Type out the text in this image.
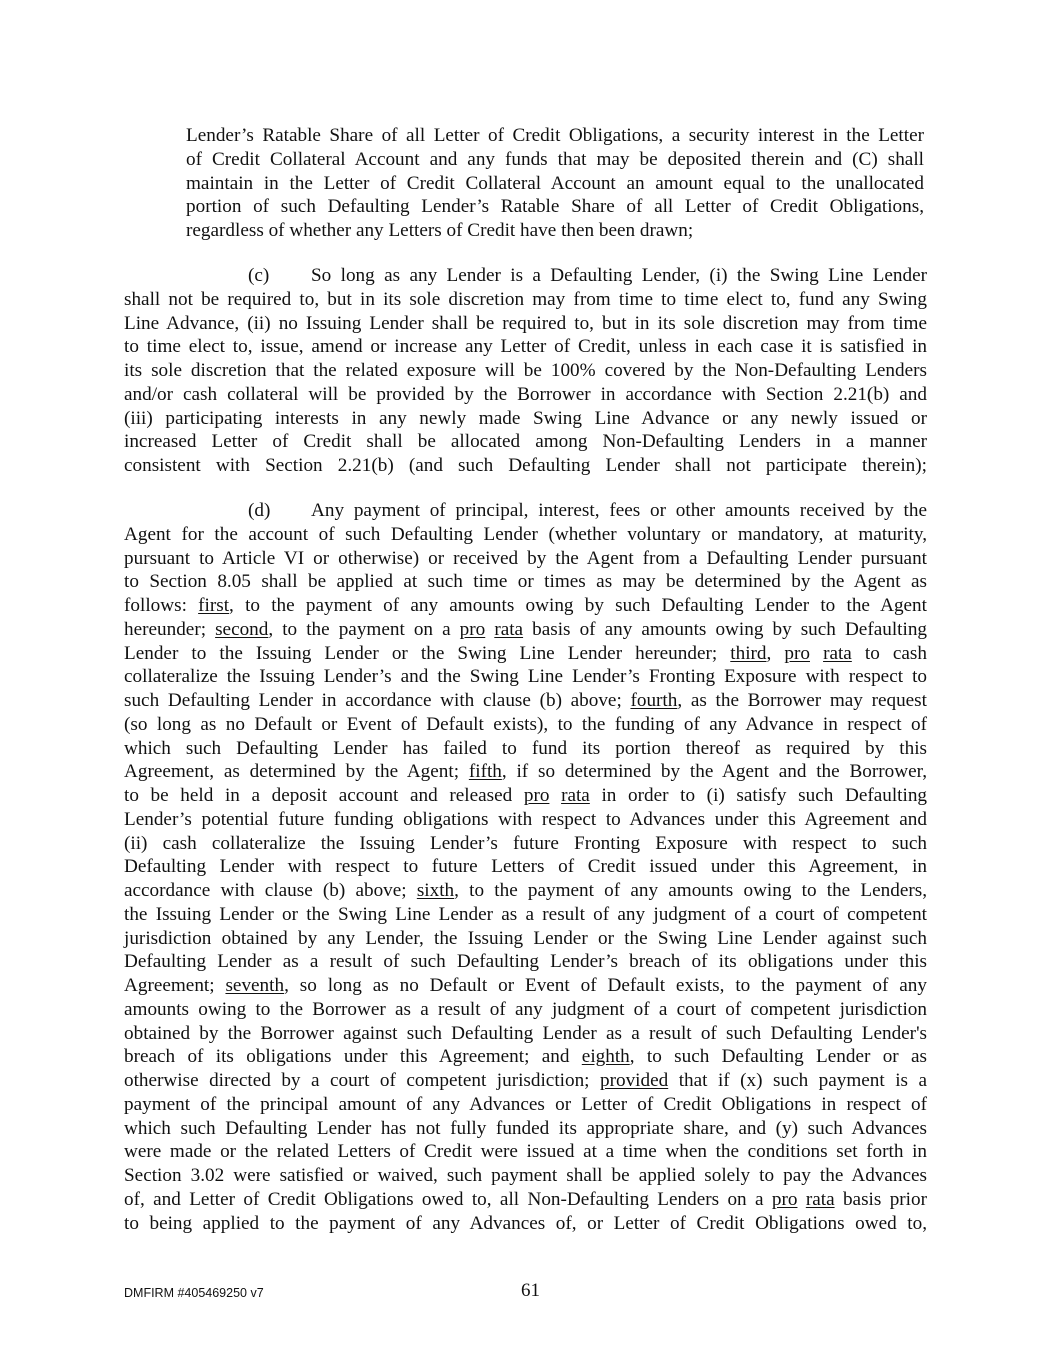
Lender’s Ratable Share of all Letter of Credit Obligations, a security interest in the Letter
of Credit Collateral Account and any funds that may be deposited therein and (C) shall
maintain in the Letter of Credit Collateral Account an amount equal to the unallocated
portion of such Defaulting Lender’s Ratable Share of all Letter of Credit Obligations,
regardless of whether any Letters of Credit have then been drawn;
(c)	So long as any Lender is a Defaulting Lender, (i) the Swing Line Lender
shall not be required to, but in its sole discretion may from time to time elect to, fund any Swing
Line Advance, (ii) no Issuing Lender shall be required to, but in its sole discretion may from time
to time elect to, issue, amend or increase any Letter of Credit, unless in each case it is satisfied in
its sole discretion that the related exposure will be 100% covered by the Non-Defaulting Lenders
and/or cash collateral will be provided by the Borrower in accordance with Section 2.21(b) and
(iii) participating interests in any newly made Swing Line Advance or any newly issued or
increased Letter of Credit shall be allocated among Non-Defaulting Lenders in a manner
consistent with Section 2.21(b) (and such Defaulting Lender shall not participate therein);
(d)	Any payment of principal, interest, fees or other amounts received by the
Agent for the account of such Defaulting Lender (whether voluntary or mandatory, at maturity,
pursuant to Article VI or otherwise) or received by the Agent from a Defaulting Lender pursuant
to Section 8.05 shall be applied at such time or times as may be determined by the Agent as
follows: first, to the payment of any amounts owing by such Defaulting Lender to the Agent
hereunder; second, to the payment on a pro rata basis of any amounts owing by such Defaulting
Lender to the Issuing Lender or the Swing Line Lender hereunder; third, pro rata to cash
collateralize the Issuing Lender’s and the Swing Line Lender’s Fronting Exposure with respect to
such Defaulting Lender in accordance with clause (b) above; fourth, as the Borrower may request
(so long as no Default or Event of Default exists), to the funding of any Advance in respect of
which such Defaulting Lender has failed to fund its portion thereof as required by this
Agreement, as determined by the Agent; fifth, if so determined by the Agent and the Borrower,
to be held in a deposit account and released pro rata in order to (i) satisfy such Defaulting
Lender’s potential future funding obligations with respect to Advances under this Agreement and
(ii) cash collateralize the Issuing Lender’s future Fronting Exposure with respect to such
Defaulting Lender with respect to future Letters of Credit issued under this Agreement, in
accordance with clause (b) above; sixth, to the payment of any amounts owing to the Lenders,
the Issuing Lender or the Swing Line Lender as a result of any judgment of a court of competent
jurisdiction obtained by any Lender, the Issuing Lender or the Swing Line Lender against such
Defaulting Lender as a result of such Defaulting Lender’s breach of its obligations under this
Agreement; seventh, so long as no Default or Event of Default exists, to the payment of any
amounts owing to the Borrower as a result of any judgment of a court of competent jurisdiction
obtained by the Borrower against such Defaulting Lender as a result of such Defaulting Lender's
breach of its obligations under this Agreement; and eighth, to such Defaulting Lender or as
otherwise directed by a court of competent jurisdiction; provided that if (x) such payment is a
payment of the principal amount of any Advances or Letter of Credit Obligations in respect of
which such Defaulting Lender has not fully funded its appropriate share, and (y) such Advances
were made or the related Letters of Credit were issued at a time when the conditions set forth in
Section 3.02 were satisfied or waived, such payment shall be applied solely to pay the Advances
of, and Letter of Credit Obligations owed to, all Non-Defaulting Lenders on a pro rata basis prior
to being applied to the payment of any Advances of, or Letter of Credit Obligations owed to,
DMFIRM #405469250 v7	61
